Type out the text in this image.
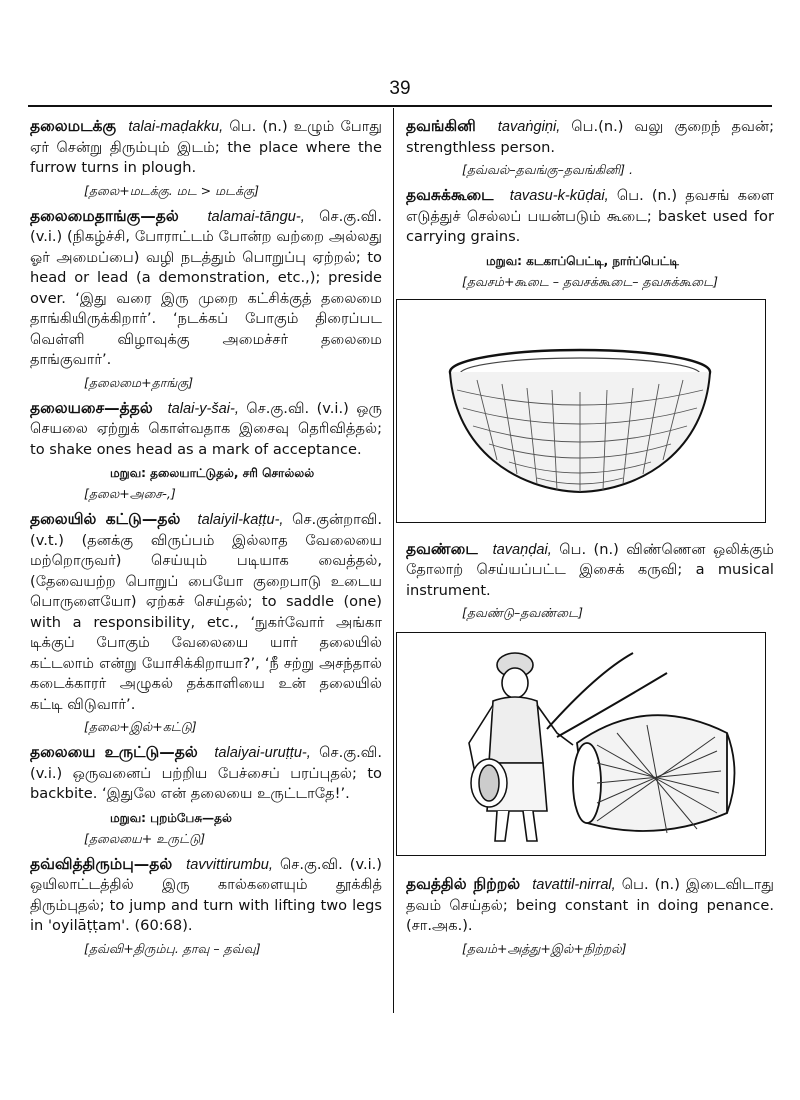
39

தலைமடக்கு talai-maḍakku, பெ. (n.) உழும் போது ஏர் சென்று திரும்பும் இடம்; the place where the furrow turns in plough.

[தலை+மடக்கு. மட > மடக்கு]

தலைமைதாங்கு—தல் talamai-tāngu-, செ.கு.வி. (v.i.) (நிகழ்ச்சி, போராட்டம் போன்ற வற்றை அல்லது ஓர் அமைப்பை) வழி நடத்தும் பொறுப்பு ஏற்றல்; to head or lead (a demonstration, etc.,); preside over. ‘இது வரை இரு முறை கட்சிக்குத் தலைமை தாங்கியிருக்கிறார்’. ‘நடக்கப் போகும் திரைப்பட வெள்ளி விழாவுக்கு அமைச்சர் தலைமை தாங்குவார்’.

[தலைமை+தாங்கு]

தலையசை—த்தல் talai-y-šai-, செ.கு.வி. (v.i.) ஒரு செயலை ஏற்றுக் கொள்வதாக இசைவு தெரிவித்தல்; to shake ones head as a mark of acceptance.

மறுவ: தலையாட்டுதல், சரி சொல்லல்
[தலை+அசை-,]

தலையில் கட்டு—தல் talaiyil-kaṭṭu-, செ.குன்றாவி. (v.t.) (தனக்கு விருப்பம் இல்லாத வேலையை மற்றொருவர்) செய்யும் படியாக வைத்தல், (தேவையற்ற பொறுப் பையோ குறைபாடு உடைய பொருளையோ) ஏற்கச் செய்தல்; to saddle (one) with a responsibility, etc., ‘நுகர்வோர் அங்கா டிக்குப் போகும் வேலையை யார் தலையில் கட்டலாம் என்று யோசிக்கிறாயா?’, ‘நீ சற்று அசந்தால் கடைக்காரர் அழுகல் தக்காளியை உன் தலையில் கட்டி விடுவார்’.

[தலை+இல்+கட்டு]

தலையை உருட்டு—தல் talaiyai-uruṭṭu-, செ.கு.வி. (v.i.) ஒருவனைப் பற்றிய பேச்சைப் பரப்புதல்; to backbite. ‘இதுலே என் தலையை உருட்டாதே!’.

மறுவ: புறம்பேசு—தல்
[தலையை+ உருட்டு]

தவ்வித்திரும்பு—தல் tavvittirumbu, செ.கு.வி. (v.i.) ஒயிலாட்டத்தில் இரு கால்களையும் தூக்கித் திரும்புதல்; to jump and turn with lifting two legs in 'oyilāṭṭam'. (60:68).

[தவ்வி+திரும்பு. தாவு – தவ்வு]

தவங்கினி tavaṅgiṇi, பெ.(n.) வலு குறைந் தவன்; strengthless person.

[தவ்வல்–தவங்கு–தவங்கினி] .

தவசுக்கூடை tavasu-k-kūḍai, பெ. (n.) தவசங் களை எடுத்துச் செல்லப் பயன்படும் கூடை; basket used for carrying grains.

மறுவ: கடகாப்பெட்டி, நார்ப்பெட்டி
[தவசம்+கூடை – தவசக்கூடை– தவசுக்கூடை]

தவண்டை tavaṇḍai, பெ. (n.) விண்ணென ஒலிக்கும் தோலாற் செய்யப்பட்ட இசைக் கருவி; a musical instrument.

[தவண்டு–தவண்டை]

தவத்தில் நிற்றல் tavattil-nirral, பெ. (n.) இடைவிடாது தவம் செய்தல்; being constant in doing penance. (சா.அக.).

[தவம்+அத்து+இல்+நிற்றல்]
